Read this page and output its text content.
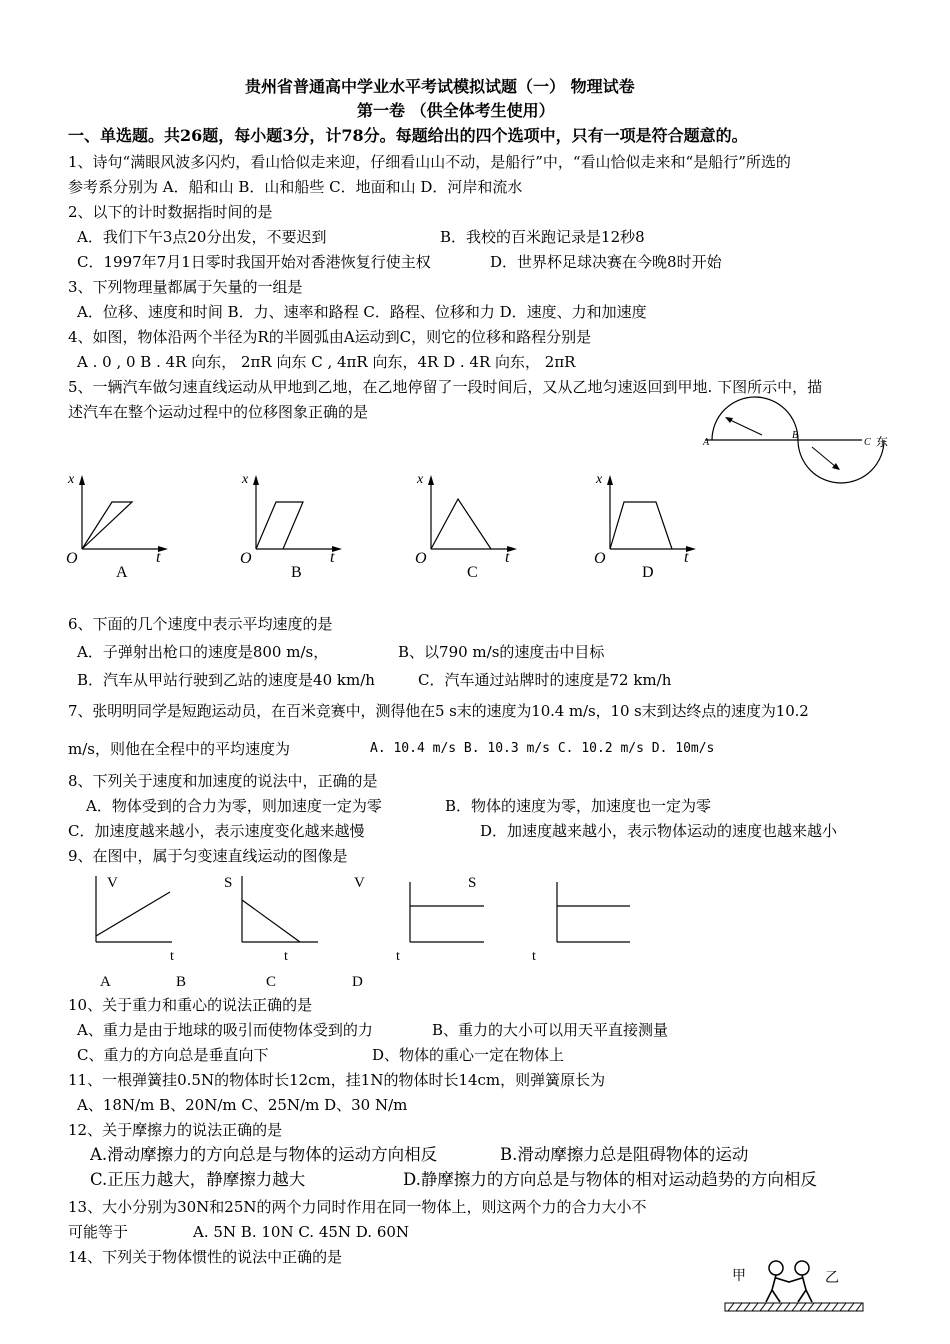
贵州省普通高中学业水平考试模拟试题（一） 物理试卷
第一卷 （供全体考生使用）
一、单选题。共26题，每小题3分，计78分。每题给出的四个选项中，只有一项是符合题意的。
1、诗句“满眼风波多闪灼，看山恰似走来迎，仔细看山山不动，是船行”中，“看山恰似走来和“是船行”所选的
参考系分别为 A．船和山 B．山和船些 C．地面和山 D．河岸和流水
2、以下的计时数据指时间的是
A．我们下午3点20分出发，不要迟到	B．我校的百米跑记录是12秒8
C．1997年7月1日零时我国开始对香港恢复行使主权	D．世界杯足球决赛在今晚8时开始
3、下列物理量都属于矢量的一组是
A．位移、速度和时间 B．力、速率和路程 C．路程、位移和力 D．速度、力和加速度
4、如图，物体沿两个半径为R的半圆弧由A运动到C，则它的位移和路程分别是
A . 0 , 0 B . 4R 向东， 2πR 向东 C , 4πR 向东，4R D . 4R 向东， 2πR
5、一辆汽车做匀速直线运动从甲地到乙地，在乙地停留了一段时间后，又从乙地匀速返回到甲地. 下图所示中，描
述汽车在整个运动过程中的位移图象正确的是
A
B
C 东
x
O	t
A
x
O	t
B
x
O	t
C
x
O	t
D
6、下面的几个速度中表示平均速度的是
A．子弹射出枪口的速度是800 m/s，	B、以790 m/s的速度击中目标
B．汽车从甲站行驶到乙站的速度是40 km/h	C．汽车通过站牌时的速度是72 km/h
7、张明明同学是短跑运动员，在百米竞赛中，测得他在5 s末的速度为10.4 m/s，10 s末到达终点的速度为10.2
m/s，则他在全程中的平均速度为	A. 10.4 m/s B. 10.3 m/s C. 10.2 m/s D. 10m/s
8、下列关于速度和加速度的说法中，正确的是
A．物体受到的合力为零，则加速度一定为零	B．物体的速度为零，加速度也一定为零
C．加速度越来越小，表示速度变化越来越慢	D．加速度越来越小，表示物体运动的速度也越来越小
9、在图中，属于匀变速直线运动的图像是
V
t
A
S
t
B
V
t
C
S
t
D
10、关于重力和重心的说法正确的是
A、重力是由于地球的吸引而使物体受到的力	B、重力的大小可以用天平直接测量
C、重力的方向总是垂直向下	D、物体的重心一定在物体上
11、一根弹簧挂0.5N的物体时长12cm，挂1N的物体时长14cm，则弹簧原长为
A、18N/m B、20N/m C、25N/m D、30 N/m
12、关于摩擦力的说法正确的是
A.滑动摩擦力的方向总是与物体的运动方向相反	B.滑动摩擦力总是阻碍物体的运动
C.正压力越大，静摩擦力越大	D.静摩擦力的方向总是与物体的相对运动趋势的方向相反
13、大小分别为30N和25N的两个力同时作用在同一物体上，则这两个力的合力大小不
可能等于	A. 5N B. 10N C. 45N D. 60N
14、下列关于物体惯性的说法中正确的是
甲	乙
